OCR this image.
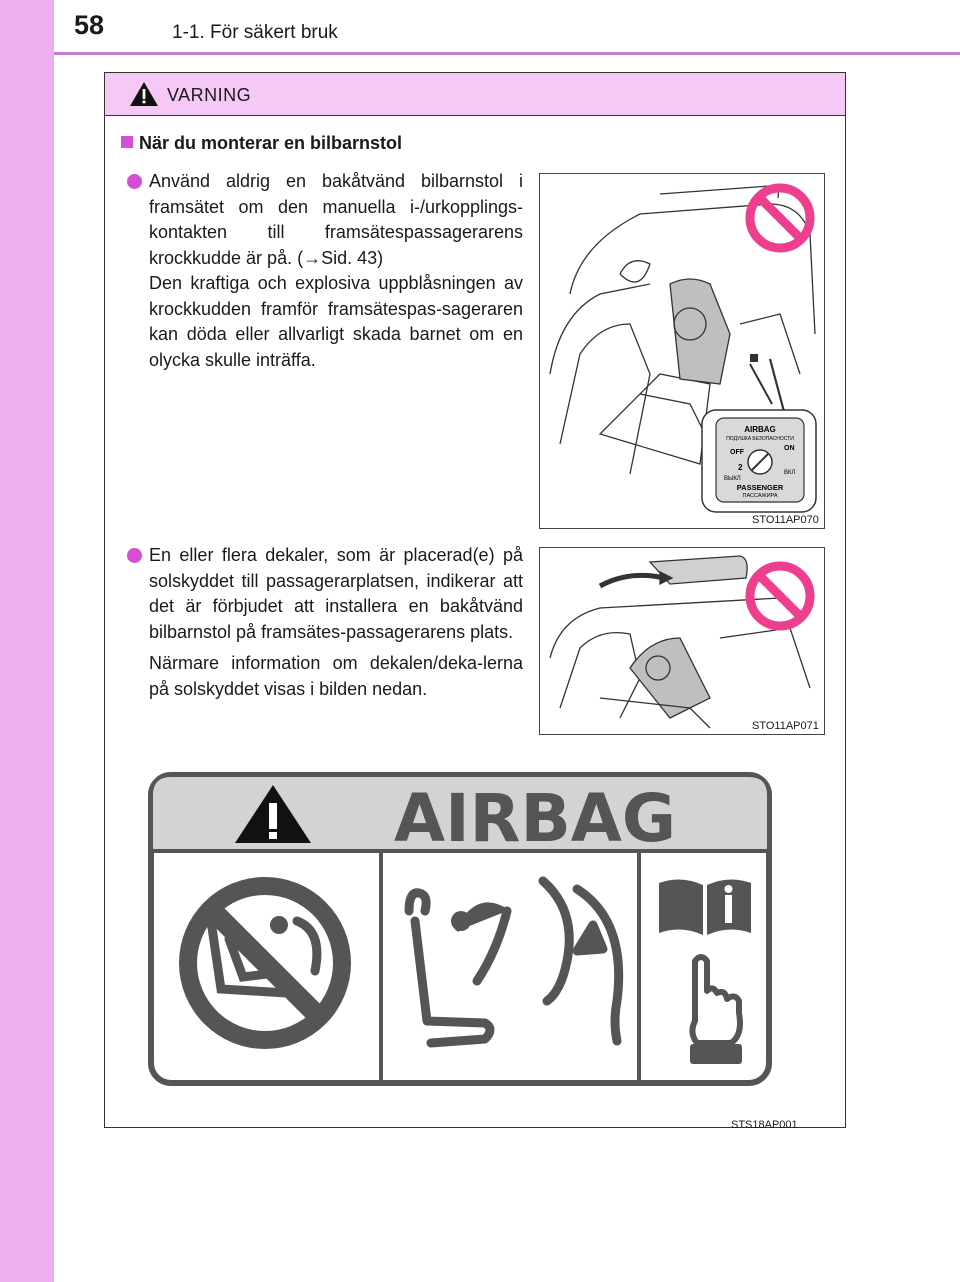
58	1-1. För säkert bruk
VARNING
När du monterar en bilbarnstol

Använd aldrig en bakåtvänd bilbarnstol i framsätet om den manuella i-/urkopplings-kontakten till framsätespassagerarens krockkudde är på. (→Sid. 43)

Den kraftiga och explosiva uppblåsningen av krockkudden framför framsätespas-sageraren kan döda eller allvarligt skada barnet om en olycka skulle inträffa.

AIRBAG
ПОДУШКА БЕЗОПАСНОСТИ
OFF
ON
2
ВЫКЛ
ВКЛ
PASSENGER
ПАССАЖИРА
STO11AP070

En eller flera dekaler, som är placerad(e) på solskyddet till passagerarplatsen, indikerar att det är förbjudet att installera en bakåtvänd bilbarnstol på framsätes-passagerarens plats.

Närmare information om dekalen/deka-lerna på solskyddet visas i bilden nedan.

STO11AP071
AIRBAG
STS18AP001
